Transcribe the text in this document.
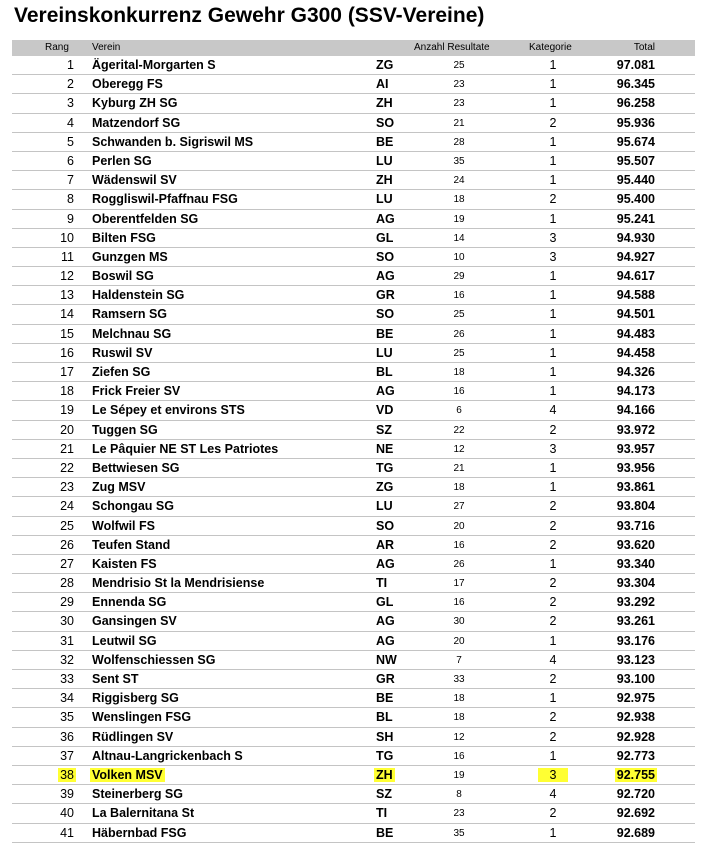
Vereinskonkurrenz Gewehr G300 (SSV-Vereine)
Rang Verein	Anzahl Resultate	Kategorie	Total
1 Ägerital-Morgarten S	ZG	25	1	97.081
2 Oberegg FS	AI	23	1	96.345
3 Kyburg ZH SG	ZH	23	1	96.258
4 Matzendorf SG	SO	21	2	95.936
5 Schwanden b. Sigriswil MS	BE	28	1	95.674
6 Perlen SG	LU	35	1	95.507
7 Wädenswil SV	ZH	24	1	95.440
8 Roggliswil-Pfaffnau FSG	LU	18	2	95.400
9 Oberentfelden SG	AG	19	1	95.241
10 Bilten FSG	GL	14	3	94.930
11 Gunzgen MS	SO	10	3	94.927
12 Boswil SG	AG	29	1	94.617
13 Haldenstein SG	GR	16	1	94.588
14 Ramsern SG	SO	25	1	94.501
15 Melchnau SG	BE	26	1	94.483
16 Ruswil SV	LU	25	1	94.458
17 Ziefen SG	BL	18	1	94.326
18 Frick Freier SV	AG	16	1	94.173
19 Le Sépey et environs STS	VD	6	4	94.166
20 Tuggen SG	SZ	22	2	93.972
21 Le Pâquier NE ST Les Patriotes	NE	12	3	93.957
22 Bettwiesen SG	TG	21	1	93.956
23 Zug MSV	ZG	18	1	93.861
24 Schongau SG	LU	27	2	93.804
25 Wolfwil FS	SO	20	2	93.716
26 Teufen Stand	AR	16	2	93.620
27 Kaisten FS	AG	26	1	93.340
28 Mendrisio St la Mendrisiense	TI	17	2	93.304
29 Ennenda SG	GL	16	2	93.292
30 Gansingen SV	AG	30	2	93.261
31 Leutwil SG	AG	20	1	93.176
32 Wolfenschiessen SG	NW	7	4	93.123
33 Sent ST	GR	33	2	93.100
34 Riggisberg SG	BE	18	1	92.975
35 Wenslingen FSG	BL	18	2	92.938
36 Rüdlingen SV	SH	12	2	92.928
37 Altnau-Langrickenbach S	TG	16	1	92.773
38 Volken MSV	ZH	19	3	92.755
39 Steinerberg SG	SZ	8	4	92.720
40 La Balernitana St	TI	23	2	92.692
41 Häbernbad FSG	BE	35	1	92.689
